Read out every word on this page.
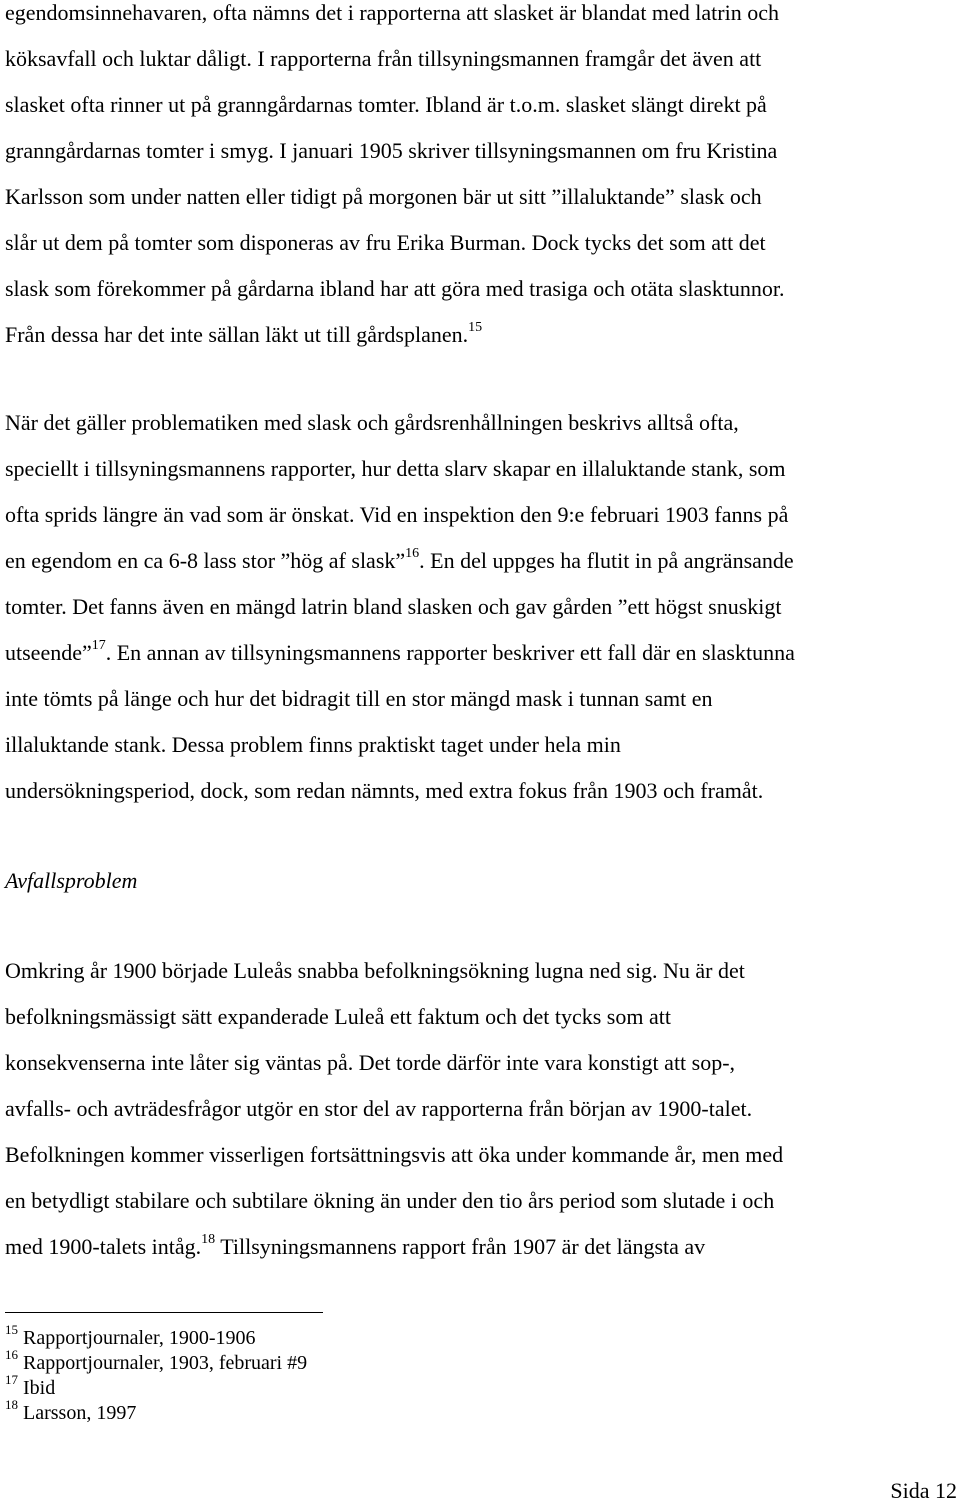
egendomsinnehavaren, ofta nämns det i rapporterna att slasket är blandat med latrin och
köksavfall och luktar dåligt. I rapporterna från tillsyningsmannen framgår det även att
slasket ofta rinner ut på granngårdarnas tomter. Ibland är t.o.m. slasket slängt direkt på
granngårdarnas tomter i smyg. I januari 1905 skriver tillsyningsmannen om fru Kristina
Karlsson som under natten eller tidigt på morgonen bär ut sitt ”illaluktande” slask och
slår ut dem på tomter som disponeras av fru Erika Burman. Dock tycks det som att det
slask som förekommer på gårdarna ibland har att göra med trasiga och otäta slasktunnor.
Från dessa har det inte sällan läkt ut till gårdsplanen.$^{15}$
När det gäller problematiken med slask och gårdsrenhållningen beskrivs alltså ofta,
speciellt i tillsyningsmannens rapporter, hur detta slarv skapar en illaluktande stank, som
ofta sprids längre än vad som är önskat. Vid en inspektion den 9:e februari 1903 fanns på
en egendom en ca 6-8 lass stor ”hög af slask”$^{16}$. En del uppges ha flutit in på angränsande
tomter. Det fanns även en mängd latrin bland slasken och gav gården ”ett högst snuskigt
utseende”$^{17}$. En annan av tillsyningsmannens rapporter beskriver ett fall där en slasktunna
inte tömts på länge och hur det bidragit till en stor mängd mask i tunnan samt en
illaluktande stank. Dessa problem finns praktiskt taget under hela min
undersökningsperiod, dock, som redan nämnts, med extra fokus från 1903 och framåt.
Avfallsproblem
Omkring år 1900 började Luleås snabba befolkningsökning lugna ned sig. Nu är det
befolkningsmässigt sätt expanderade Luleå ett faktum och det tycks som att
konsekvenserna inte låter sig väntas på. Det torde därför inte vara konstigt att sop-,
avfalls- och avträdesfrågor utgör en stor del av rapporterna från början av 1900-talet.
Befolkningen kommer visserligen fortsättningsvis att öka under kommande år, men med
en betydligt stabilare och subtilare ökning än under den tio års period som slutade i och
med 1900-talets intåg.$^{18}$ Tillsyningsmannens rapport från 1907 är det längsta av
$^{15}$ Rapportjournaler, 1900-1906
$^{16}$ Rapportjournaler, 1903, februari #9
$^{17}$ Ibid
$^{18}$ Larsson, 1997
Sida 12
